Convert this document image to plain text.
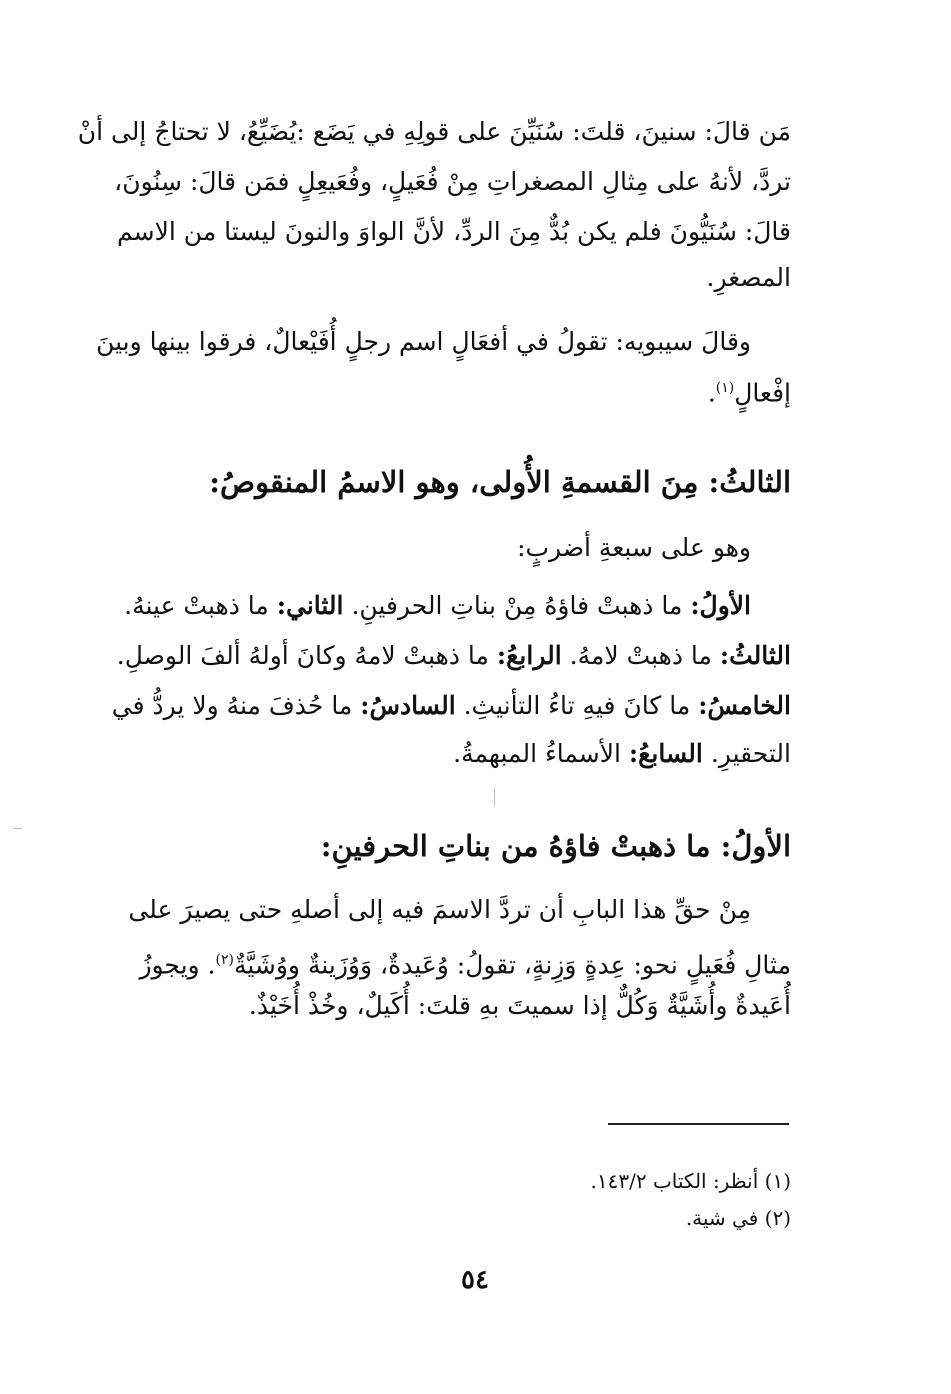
مَن قالَ: سنينَ، قلتَ: سُنَيِّنَ على قولِهِ في يَضَع :يُضَيِّعُ، لا تحتاجُ إلى أنْ
تردَّ، لأنهُ على مِثالِ المصغراتِ مِنْ فُعَيلٍ، وفُعَيعِلٍ فمَن قالَ: سِنُونَ،
قالَ: سُنَيُّونَ فلم يكن بُدٌّ مِنَ الردِّ، لأنَّ الواوَ والنونَ ليستا من الاسم
المصغرِ.
وقالَ سيبويه: تقولُ في أفعَالٍ اسم رجلٍ أُفَيْعالٌ، فرقوا بينها وبينَ
إفْعالٍ$^{(١)}$.
الثالثُ: مِنَ القسمةِ الأُولى، وهو الاسمُ المنقوصُ:
وهو على سبعةِ أضربٍ:
الأولُ: ما ذهبتْ فاؤهُ مِنْ بناتِ الحرفينِ. الثاني: ما ذهبتْ عينهُ.
الثالثُ: ما ذهبتْ لامهُ. الرابعُ: ما ذهبتْ لامهُ وكانَ أولهُ ألفَ الوصلِ.
الخامسُ: ما كانَ فيهِ تاءُ التأنيثِ. السادسُ: ما حُذفَ منهُ ولا يردُّ في
التحقيرِ. السابعُ: الأسماءُ المبهمةُ.
الأولُ: ما ذهبتْ فاؤهُ من بناتِ الحرفينِ:
مِنْ حقِّ هذا البابِ أن تردَّ الاسمَ فيه إلى أصلهِ حتى يصيرَ على
مثالِ فُعَيلٍ نحو: عِدةٍ وَزِنةٍ، تقولُ: وُعَيدةٌ، وَوُزَينةٌ ووُشَيَّةٌ$^{(٢)}$. ويجوزُ
أُعَيدةٌ وأُشَيَّةٌ وَكُلٌّ إذا سميتَ بهِ قلتَ: أُكَيلٌ، وخُذْ أُخَيْذٌ.
(١) أنظر: الكتاب ١٤٣/٢.
(٢) في شية.
٥٤
